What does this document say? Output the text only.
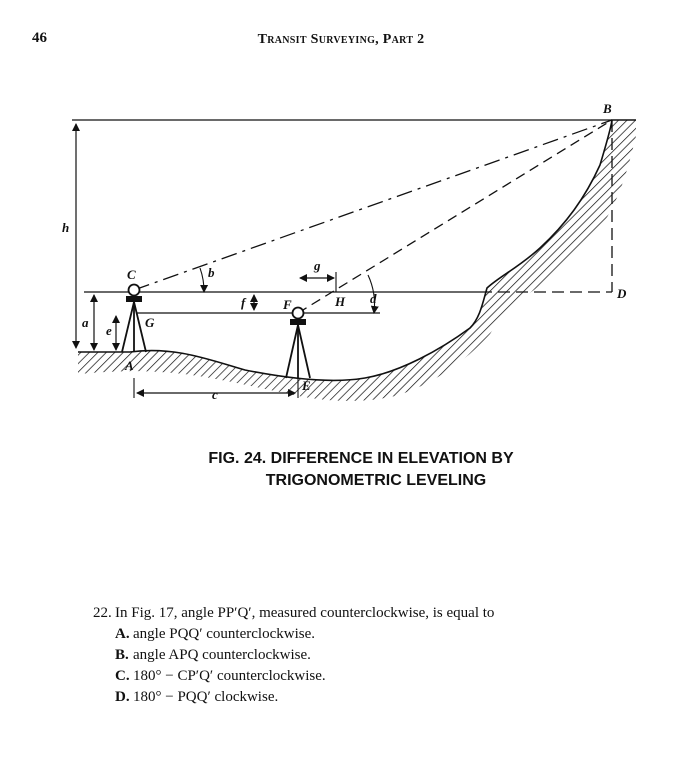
46	Transit Surveying, Part 2
B
C
D
G
A
F	H
E
h
a
e
b
f
g
d
c
FIG. 24. DIFFERENCE IN ELEVATION BY
TRIGONOMETRIC LEVELING
22. In Fig. 17, angle PP′Q′, measured counterclockwise, is equal to
A. angle PQQ′ counterclockwise.
B. angle APQ counterclockwise.
C. 180° − CP′Q′ counterclockwise.
D. 180° − PQQ′ clockwise.
